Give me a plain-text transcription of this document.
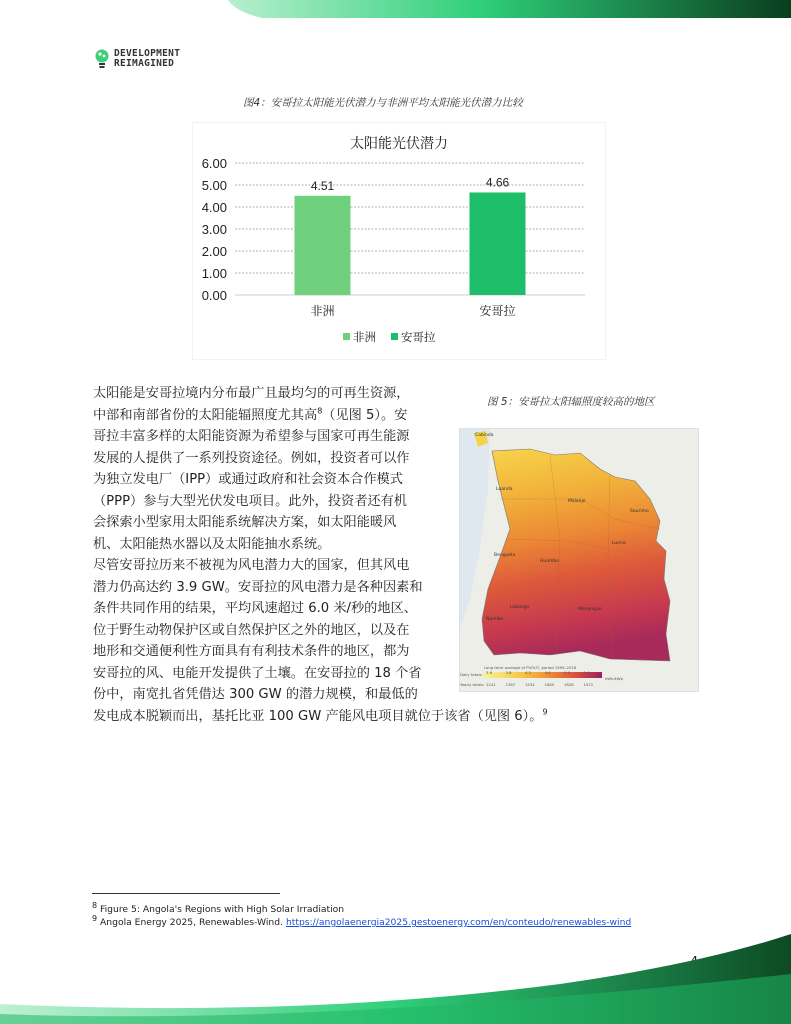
DEVELOPMENT
REIMAGINED
图4：安哥拉太阳能光伏潜力与非洲平均太阳能光伏潜力比较
太阳能光伏潜力
0.00
1.00
2.00
3.00
4.00
5.00
6.00
4.51
非洲
4.66
安哥拉
非洲 安哥拉
太阳能是安哥拉境内分布最广且最均匀的可再生资源，
中部和南部省份的太阳能辐照度尤其高$^8$（见图 5）。安
哥拉丰富多样的太阳能资源为希望参与国家可再生能源
发展的人提供了一系列投资途径。例如，投资者可以作
为独立发电厂（IPP）或通过政府和社会资本合作模式
（PPP）参与大型光伏发电项目。此外，投资者还有机
会探索小型家用太阳能系统解决方案，如太阳能暖风
机、太阳能热水器以及太阳能抽水系统。
图 5：安哥拉太阳辐照度较高的地区
Cabinda
Luanda
Malanje
Saurimo
Benguela
Huambo
Luena
Lubango
Namibe
Menongue
Long term average of PVOUT, period 1999–2018
Daily totals:
Yearly totals:
kWh/kWp
3.6	3.8	4.2	4.6	5.0	5.4
1241	1387	1534	1680	1826	1972
尽管安哥拉历来不被视为风电潜力大的国家，但其风电
潜力仍高达约 3.9 GW。安哥拉的风电潜力是各种因素和
条件共同作用的结果，平均风速超过 6.0 米/秒的地区、
位于野生动物保护区或自然保护区之外的地区，以及在
地形和交通便利性方面具有有利技术条件的地区，都为
安哥拉的风、电能开发提供了土壤。在安哥拉的 18 个省
份中，南宽扎省凭借达 300 GW 的潜力规模，和最低的
发电成本脱颖而出，基托比亚 100 GW 产能风电项目就位于该省（见图 6）。$^9$
$^8$ Figure 5: Angola's Regions with High Solar Irradiation
$^9$ Angola Energy 2025, Renewables-Wind. https://angolaenergia2025.gestoenergy.com/en/conteudo/renewables-wind
